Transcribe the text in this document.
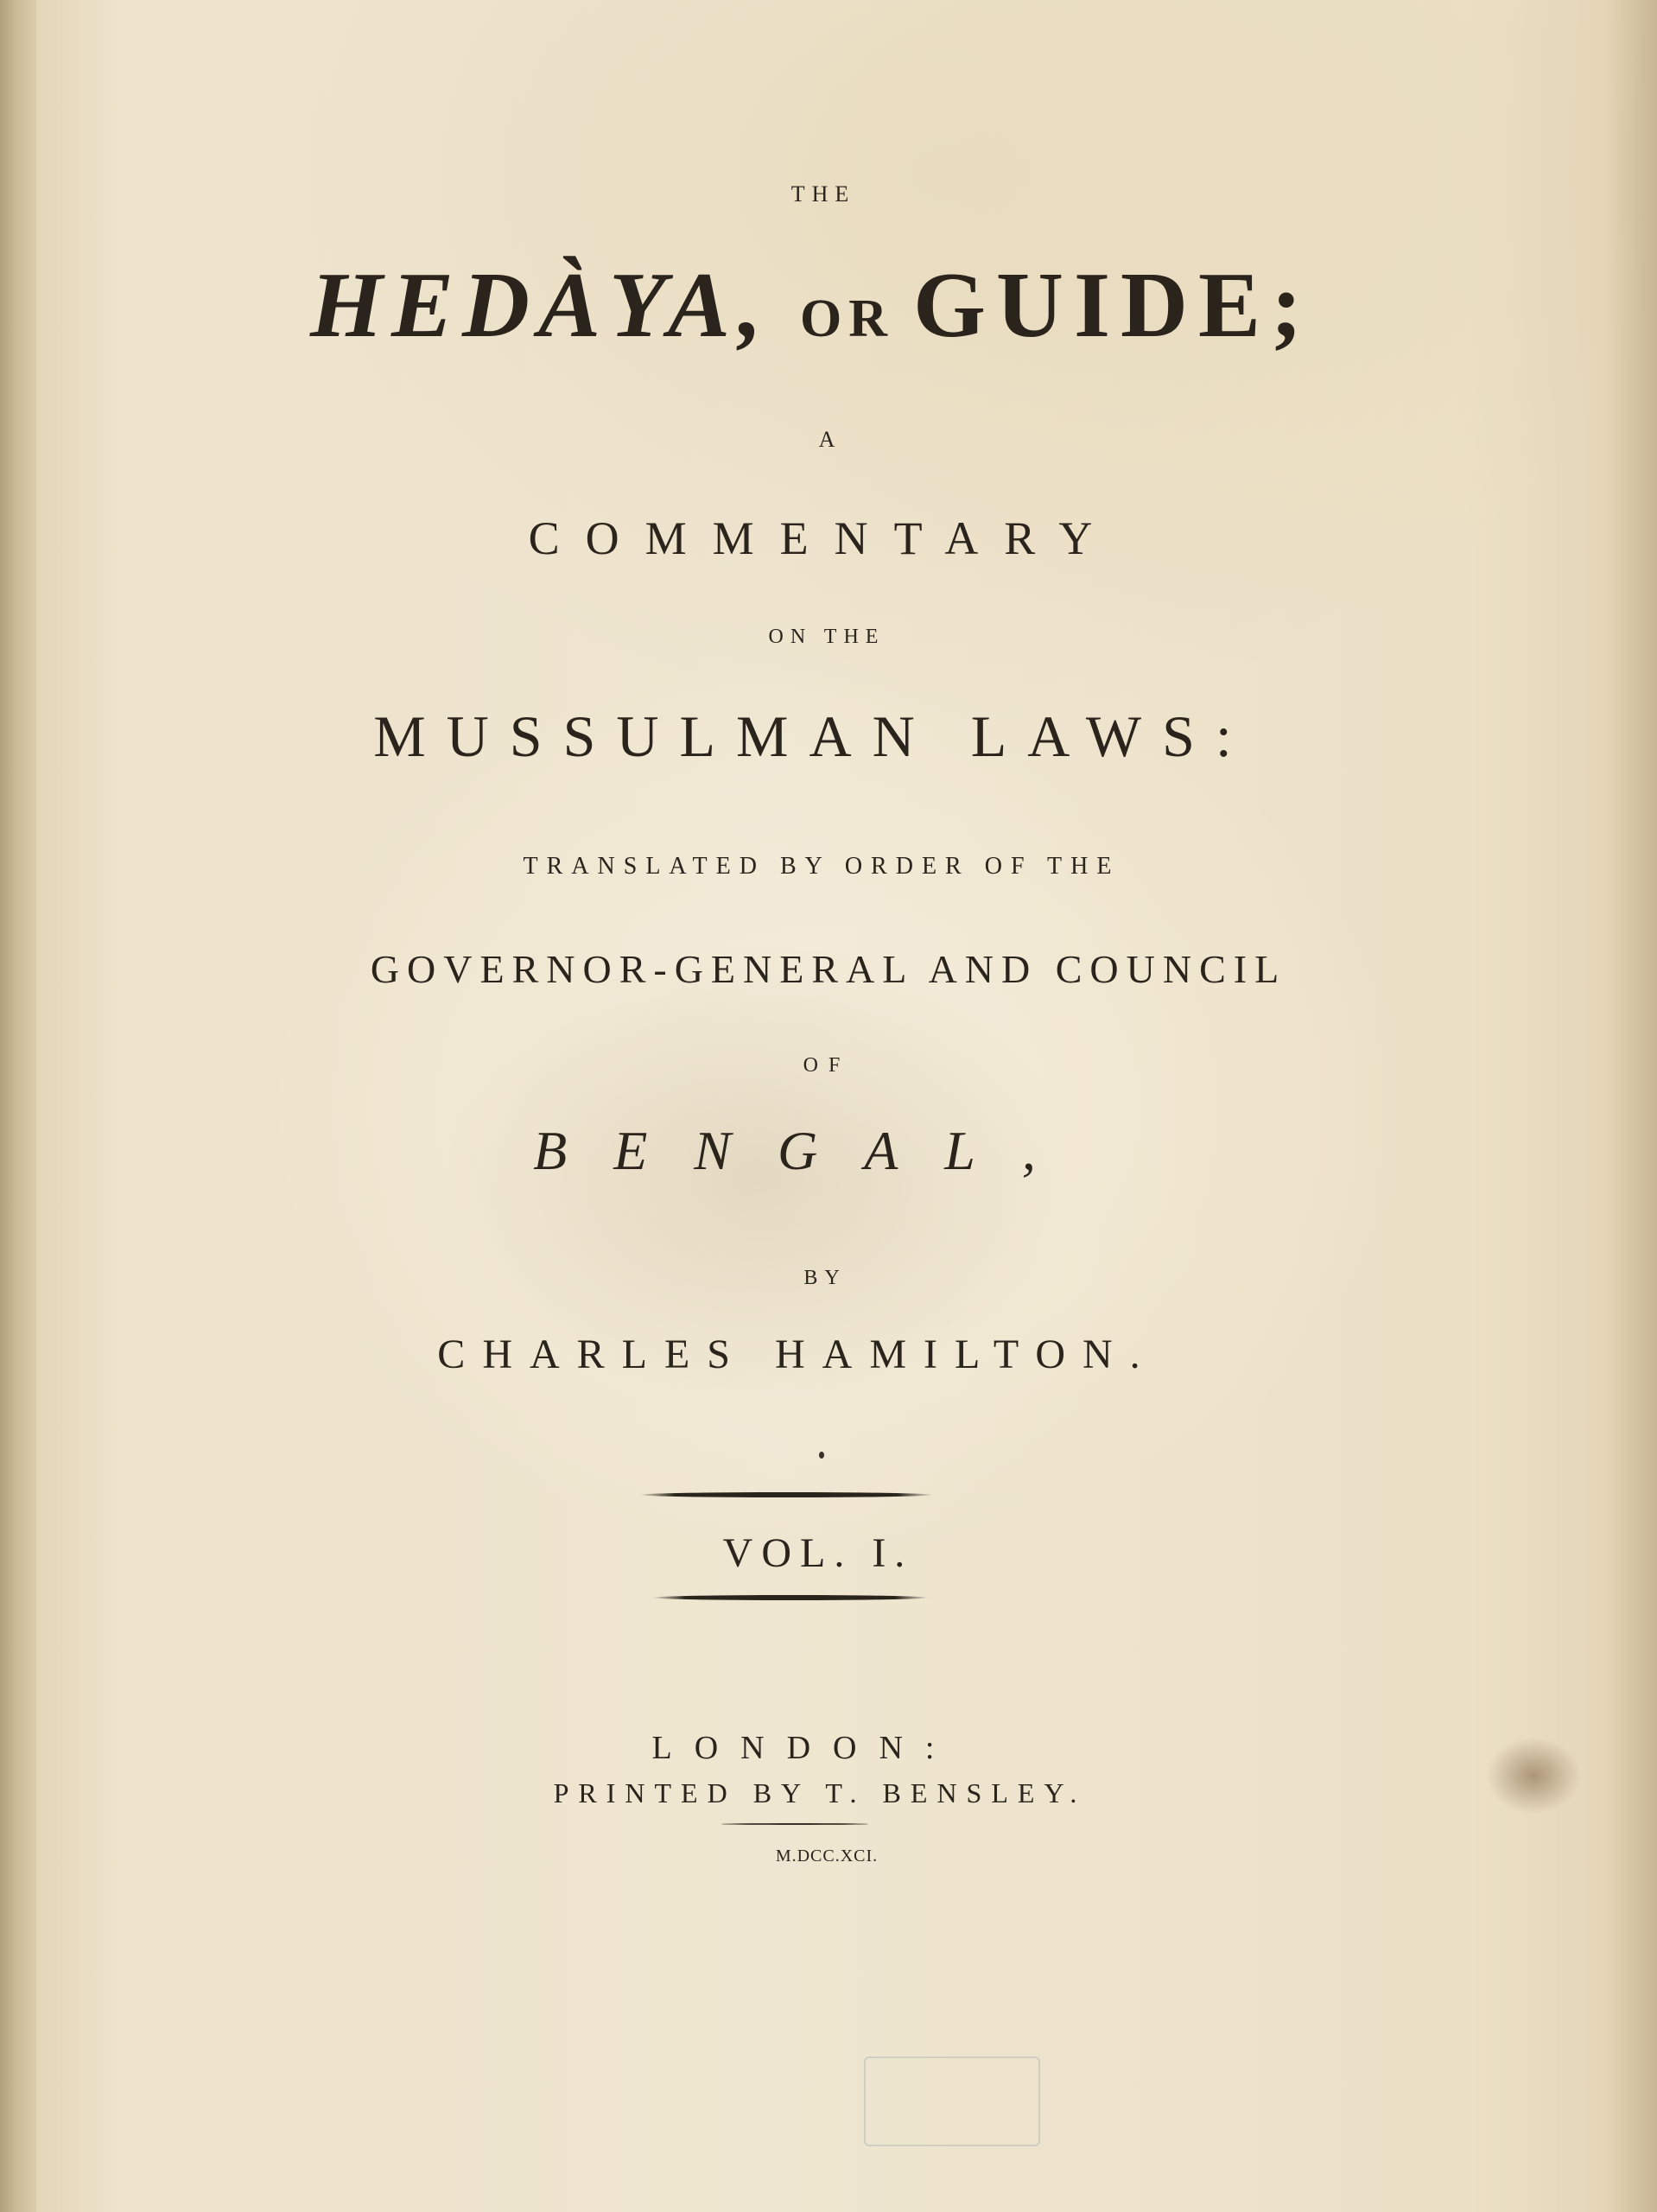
THE

HEDÀYA, OR GUIDE;

A

COMMENTARY

ON THE

MUSSULMAN LAWS:

TRANSLATED BY ORDER OF THE

GOVERNOR-GENERAL AND COUNCIL

OF

BENGAL,

BY

CHARLES HAMILTON.

VOL. I.

LONDON:

PRINTED BY T. BENSLEY.

M.DCC.XCI.
